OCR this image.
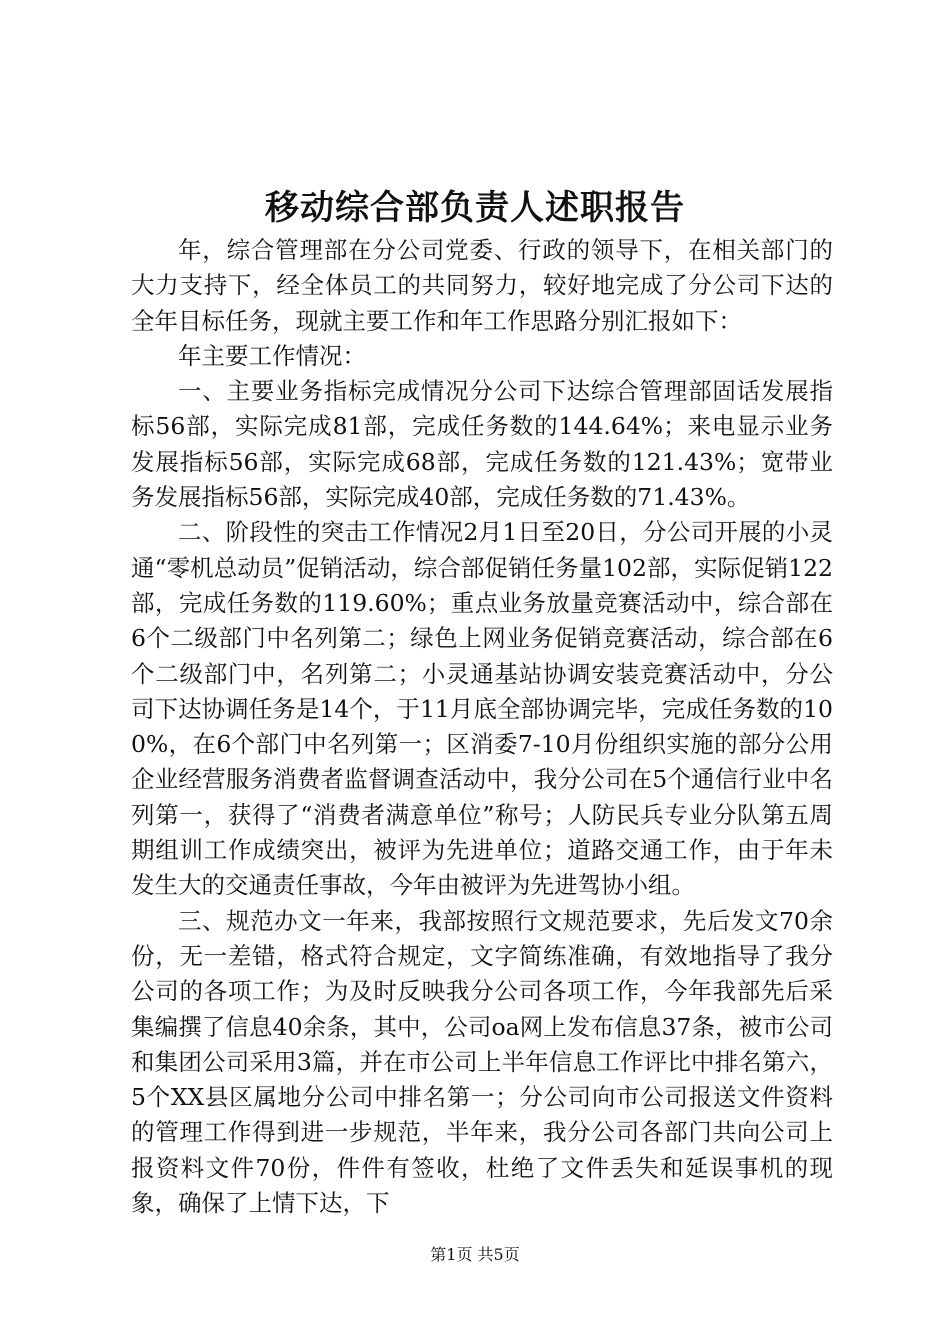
移动综合部负责人述职报告

年，综合管理部在分公司党委、行政的领导下，在相关部门的大力支持下，经全体员工的共同努力，较好地完成了分公司下达的全年目标任务，现就主要工作和年工作思路分别汇报如下：

年主要工作情况：

一、主要业务指标完成情况分公司下达综合管理部固话发展指标56部，实际完成81部，完成任务数的144.64%；来电显示业务发展指标56部，实际完成68部，完成任务数的121.43%；宽带业务发展指标56部，实际完成40部，完成任务数的71.43%。

二、阶段性的突击工作情况2月1日至20日，分公司开展的小灵通“零机总动员”促销活动，综合部促销任务量102部，实际促销122部，完成任务数的119.60%；重点业务放量竞赛活动中，综合部在6个二级部门中名列第二；绿色上网业务促销竞赛活动，综合部在6个二级部门中，名列第二；小灵通基站协调安装竞赛活动中，分公司下达协调任务是14个，于11月底全部协调完毕，完成任务数的100%，在6个部门中名列第一；区消委7-10月份组织实施的部分公用企业经营服务消费者监督调查活动中，我分公司在5个通信行业中名列第一，获得了“消费者满意单位”称号；人防民兵专业分队第五周期组训工作成绩突出，被评为先进单位；道路交通工作，由于年未发生大的交通责任事故，今年由被评为先进驾协小组。

三、规范办文一年来，我部按照行文规范要求，先后发文70余份，无一差错，格式符合规定，文字简练准确，有效地指导了我分公司的各项工作；为及时反映我分公司各项工作，今年我部先后采集编撰了信息40余条，其中，公司oa网上发布信息37条，被市公司和集团公司采用3篇，并在市公司上半年信息工作评比中排名第六，5个XX县区属地分公司中排名第一；分公司向市公司报送文件资料的管理工作得到进一步规范，半年来，我分公司各部门共向公司上报资料文件70份，件件有签收，杜绝了文件丢失和延误事机的现象，确保了上情下达，下

第1页 共5页
